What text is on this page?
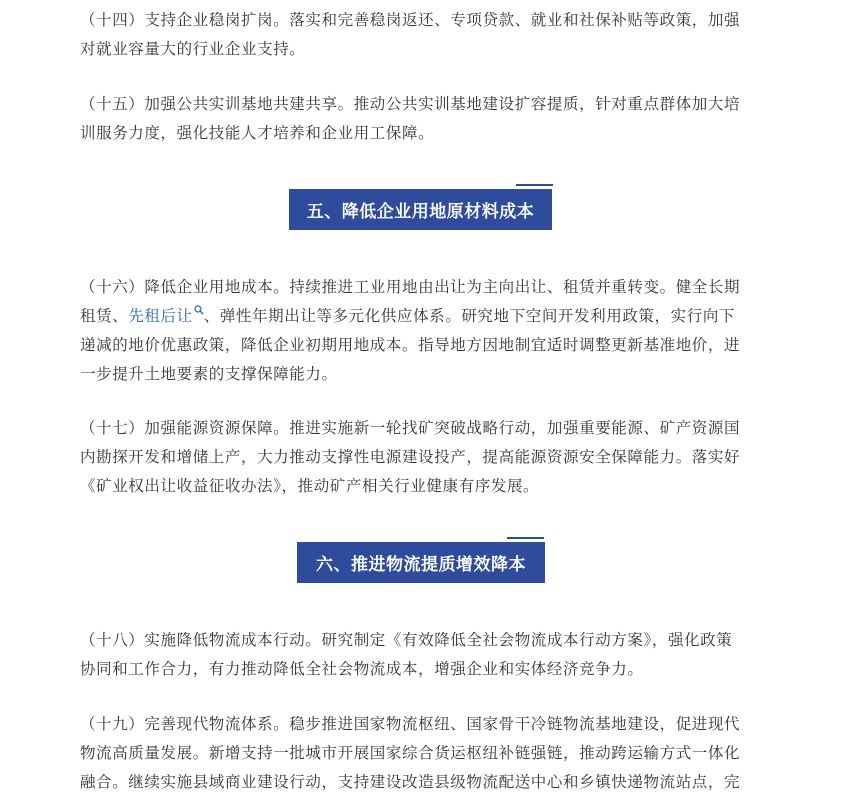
（十四）支持企业稳岗扩岗。落实和完善稳岗返还、专项贷款、就业和社保补贴等政策，加强
对就业容量大的行业企业支持。

（十五）加强公共实训基地共建共享。推动公共实训基地建设扩容提质，针对重点群体加大培
训服务力度，强化技能人才培养和企业用工保障。

五、降低企业用地原材料成本

（十六）降低企业用地成本。持续推进工业用地由出让为主向出让、租赁并重转变。健全长期
租赁、先租后让 、弹性年期出让等多元化供应体系。研究地下空间开发利用政策，实行向下
递减的地价优惠政策，降低企业初期用地成本。指导地方因地制宜适时调整更新基准地价，进
一步提升土地要素的支撑保障能力。

（十七）加强能源资源保障。推进实施新一轮找矿突破战略行动，加强重要能源、矿产资源国
内勘探开发和增储上产，大力推动支撑性电源建设投产，提高能源资源安全保障能力。落实好
《矿业权出让收益征收办法》，推动矿产相关行业健康有序发展。

六、推进物流提质增效降本

（十八）实施降低物流成本行动。研究制定《有效降低全社会物流成本行动方案》，强化政策
协同和工作合力，有力推动降低全社会物流成本，增强企业和实体经济竞争力。

（十九）完善现代物流体系。稳步推进国家物流枢纽、国家骨干冷链物流基地建设，促进现代
物流高质量发展。新增支持一批城市开展国家综合货运枢纽补链强链，推动跨运输方式一体化
融合。继续实施县域商业建设行动，支持建设改造县级物流配送中心和乡镇快递物流站点，完
